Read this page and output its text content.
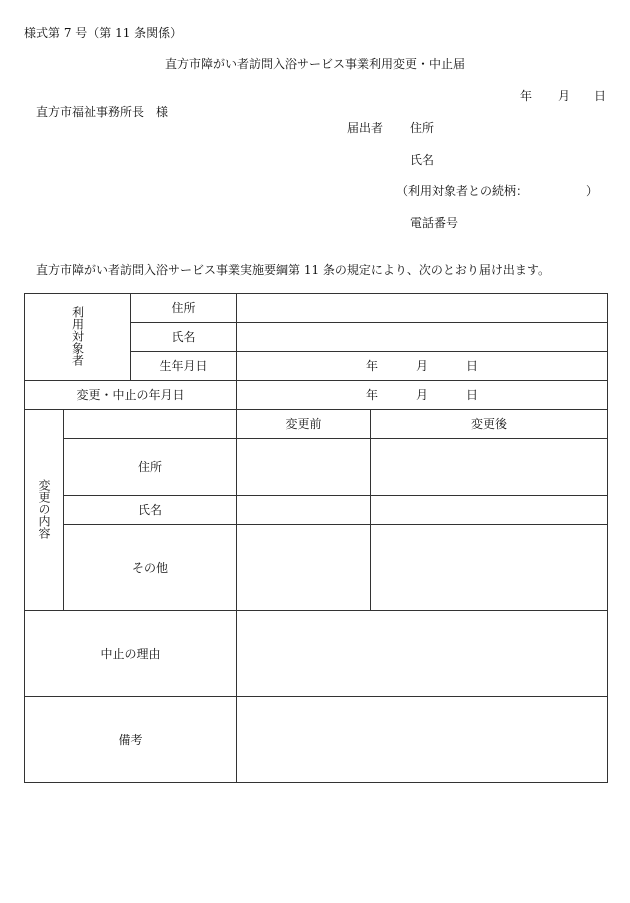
様式第 7 号（第 11 条関係）
直方市障がい者訪問入浴サービス事業利用変更・中止届
年 月 日
直方市福祉事務所長　様
届出者 住所
氏名
（利用対象者との続柄：	）
電話番号
直方市障がい者訪問入浴サービス事業実施要綱第 11 条の規定により、次のとおり届け出ます。
利用対象者		住所		
		氏名		
		生年月日	年 月 日	
変更・中止の年月日			年 月 日	
変更の内容			変更前	変更後
	住所			
	氏名			
	その他			
中止の理由				
備考				
